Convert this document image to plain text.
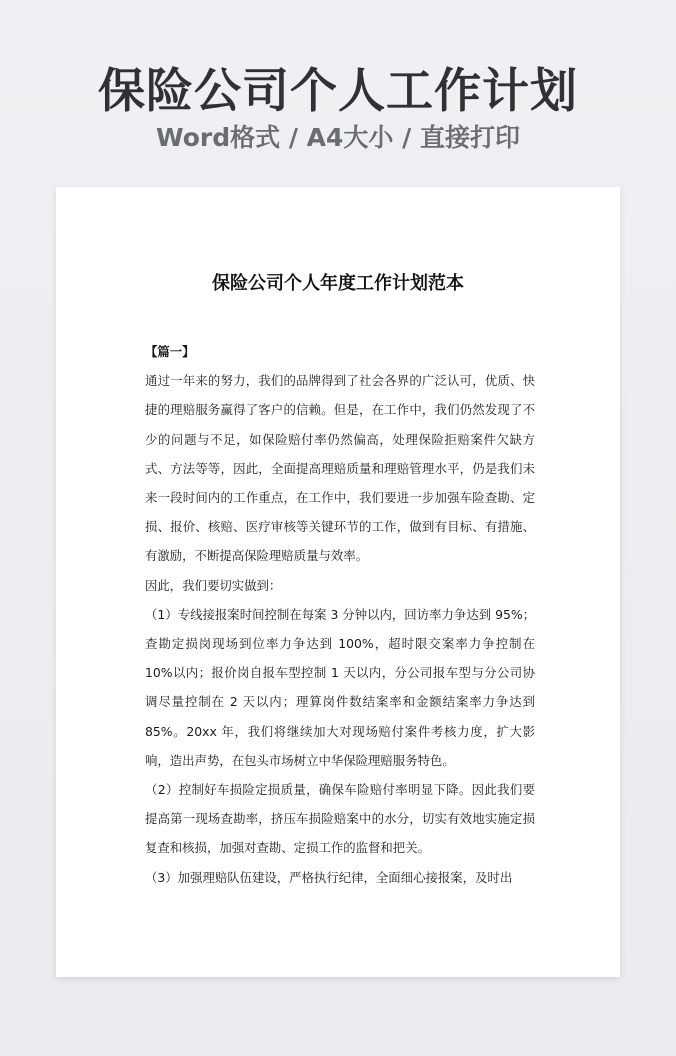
保险公司个人工作计划
Word格式 / A4大小 / 直接打印
保险公司个人年度工作计划范本

【篇一】

通过一年来的努力，我们的品牌得到了社会各界的广泛认可，优质、快捷的理赔服务赢得了客户的信赖。但是，在工作中，我们仍然发现了不少的问题与不足，如保险赔付率仍然偏高，处理保险拒赔案件欠缺方式、方法等等，因此，全面提高理赔质量和理赔管理水平，仍是我们未来一段时间内的工作重点，在工作中，我们要进一步加强车险查勘、定损、报价、核赔、医疗审核等关键环节的工作，做到有目标、有措施、有激励，不断提高保险理赔质量与效率。

因此，我们要切实做到：

（1）专线接报案时间控制在每案 3 分钟以内，回访率力争达到 95%；查勘定损岗现场到位率力争达到 100%，超时限交案率力争控制在 10%以内；报价岗自报车型控制 1 天以内，分公司报车型与分公司协调尽量控制在 2 天以内；理算岗件数结案率和金额结案率力争达到 85%。20xx 年，我们将继续加大对现场赔付案件考核力度，扩大影响，造出声势，在包头市场树立中华保险理赔服务特色。

（2）控制好车损险定损质量，确保车险赔付率明显下降。因此我们要提高第一现场查勘率，挤压车损险赔案中的水分，切实有效地实施定损复查和核损，加强对查勘、定损工作的监督和把关。

（3）加强理赔队伍建设，严格执行纪律，全面细心接报案，及时出
